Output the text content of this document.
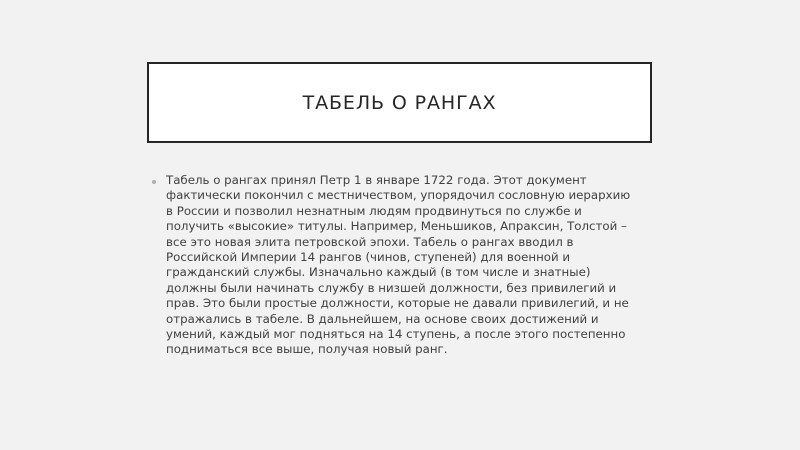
ТАБЕЛЬ О РАНГАХ

Табель о рангах принял Петр 1 в январе 1722 года. Этот документ фактически покончил с местничеством, упорядочил сословную иерархию в России и позволил незнатным людям продвинуться по службе и получить «высокие» титулы. Например, Меньшиков, Апраксин, Толстой – все это новая элита петровской эпохи. Табель о рангах вводил в Российской Империи 14 рангов (чинов, ступеней) для военной и гражданский службы. Изначально каждый (в том числе и знатные) должны были начинать службу в низшей должности, без привилегий и прав. Это были простые должности, которые не давали привилегий, и не отражались в табеле. В дальнейшем, на основе своих достижений и умений, каждый мог подняться на 14 ступень, а после этого постепенно подниматься все выше, получая новый ранг.
